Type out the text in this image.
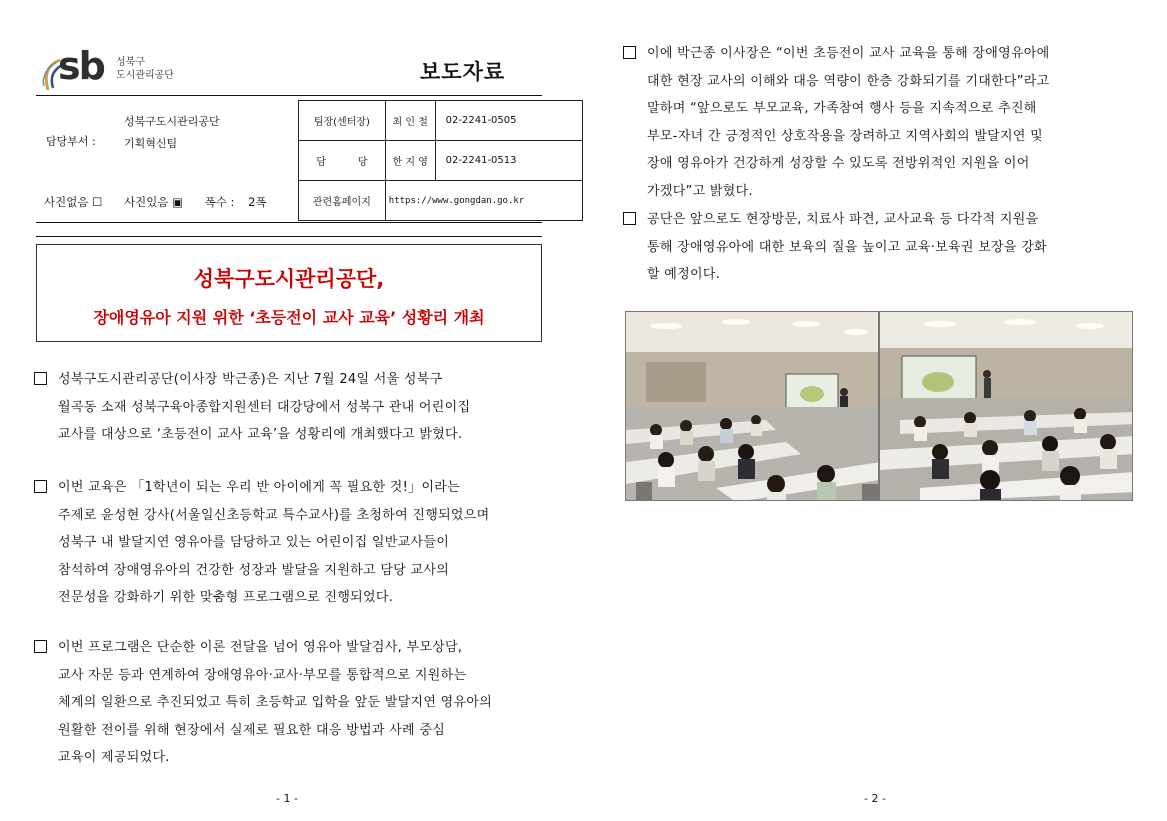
sb 성북구
도시관리공단	보도자료
담당부서 :
성북구도시관리공단
기획혁신팀
사진없음 ☐ 사진있음 ▣ 폭수 : 2폭
팀장(센터장)	최 인 철	02-2241-0505
담          당	한 지 영	02-2241-0513
관련홈페이지	https://www.gongdan.go.kr	
성북구도시관리공단,
장애영유아 지원 위한 ‘초등전이 교사 교육’ 성황리 개최
성북구도시관리공단(이사장 박근종)은 지난 7월 24일 서울 성북구
월곡동 소재 성북구육아종합지원센터 대강당에서 성북구 관내 어린이집
교사를 대상으로 ‘초등전이 교사 교육’을 성황리에 개최했다고 밝혔다.
이번 교육은 「1학년이 되는 우리 반 아이에게 꼭 필요한 것!」이라는
주제로 윤성현 강사(서울일신초등학교 특수교사)를 초청하여 진행되었으며
성북구 내 발달지연 영유아를 담당하고 있는 어린이집 일반교사들이
참석하여 장애영유아의 건강한 성장과 발달을 지원하고 담당 교사의
전문성을 강화하기 위한 맞춤형 프로그램으로 진행되었다.
이번 프로그램은 단순한 이론 전달을 넘어 영유아 발달검사, 부모상담,
교사 자문 등과 연계하여 장애영유아·교사·부모를 통합적으로 지원하는
체계의 일환으로 추진되었고 특히 초등학교 입학을 앞둔 발달지연 영유아의
원활한 전이를 위해 현장에서 실제로 필요한 대응 방법과 사례 중심
교육이 제공되었다.
- 1 -
이에 박근종 이사장은 “이번 초등전이 교사 교육을 통해 장애영유아에
대한 현장 교사의 이해와 대응 역량이 한층 강화되기를 기대한다”라고
말하며 “앞으로도 부모교육, 가족참여 행사 등을 지속적으로 추진해
부모-자녀 간 긍정적인 상호작용을 장려하고 지역사회의 발달지연 및
장애 영유아가 건강하게 성장할 수 있도록 전방위적인 지원을 이어
가겠다”고 밝혔다.
공단은 앞으로도 현장방문, 치료사 파견, 교사교육 등 다각적 지원을
통해 장애영유아에 대한 보육의 질을 높이고 교육·보육권 보장을 강화
할 예정이다.
- 2 -
